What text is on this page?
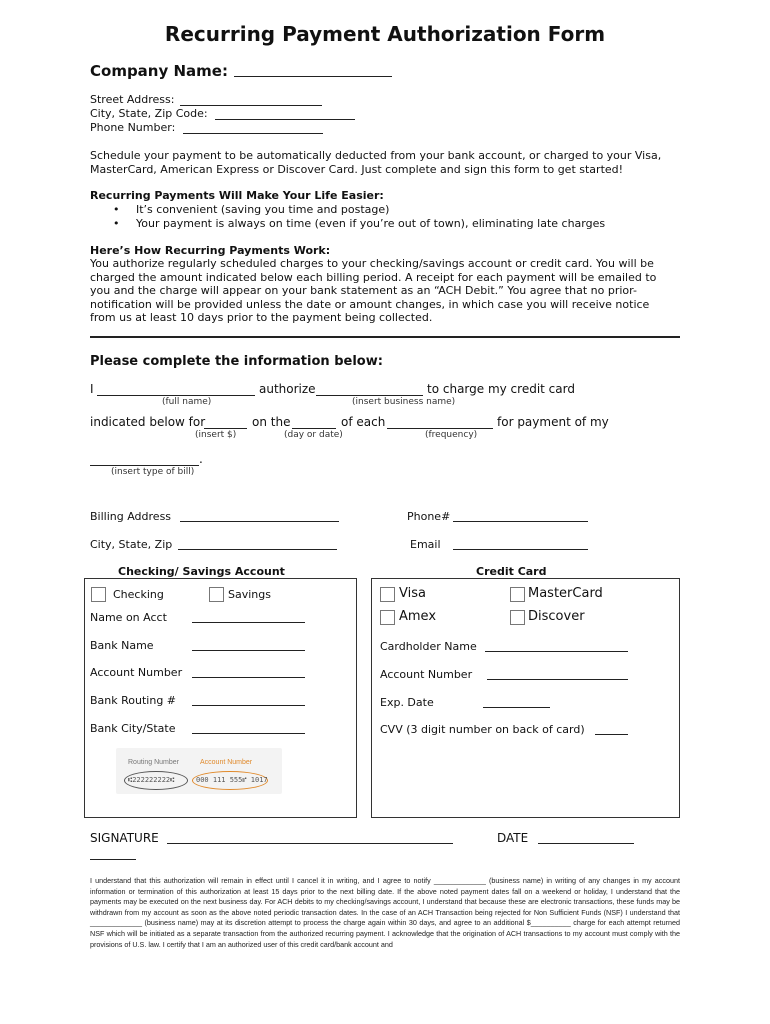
Recurring Payment Authorization Form
Company Name:
Street Address:
City, State, Zip Code:
Phone Number:
Schedule your payment to be automatically deducted from your bank account, or charged to your Visa,
MasterCard, American Express or Discover Card. Just complete and sign this form to get started!
Recurring Payments Will Make Your Life Easier:
• It’s convenient (saving you time and postage)
• Your payment is always on time (even if you’re out of town), eliminating late charges
Here’s How Recurring Payments Work:
You authorize regularly scheduled charges to your checking/savings account or credit card. You will be
charged the amount indicated below each billing period. A receipt for each payment will be emailed to
you and the charge will appear on your bank statement as an “ACH Debit.” You agree that no prior-
notification will be provided unless the date or amount changes, in which case you will receive notice
from us at least 10 days prior to the payment being collected.
Please complete the information below:
I	authorize	to charge my credit card
(full name)	(insert business name)
indicated below for	on the	of each	for payment of my
(insert $)	(day or date)	(frequency)
.
(insert type of bill)
Billing Address	Phone#
City, State, Zip	Email
Checking/ Savings Account	Credit Card
Checking	Savings
Name on Acct
Bank Name
Account Number
Bank Routing #
Bank City/State
Routing Number	Account Number
⑆222222222⑆	000 111 555⑈ 1017
Visa	MasterCard
Amex	Discover
Cardholder Name
Account Number
Exp. Date
CVV (3 digit number on back of card)
SIGNATURE	DATE
I understand that this authorization will remain in effect until I cancel it in writing, and I agree to notify _____________ (business name) in writing of any changes in my account information or termination of this authorization at least 15 days prior to the next billing date. If the above noted payment dates fall on a weekend or holiday, I understand that the payments may be executed on the next business day. For ACH debits to my checking/savings account, I understand that because these are electronic transactions, these funds may be withdrawn from my account as soon as the above noted periodic transaction dates. In the case of an ACH Transaction being rejected for Non Sufficient Funds (NSF) I understand that _____________ (business name) may at its discretion attempt to process the charge again within 30 days, and agree to an additional $__________ charge for each attempt returned NSF which will be initiated as a separate transaction from the authorized recurring payment. I acknowledge that the origination of ACH transactions to my account must comply with the provisions of U.S. law. I certify that I am an authorized user of this credit card/bank account and
